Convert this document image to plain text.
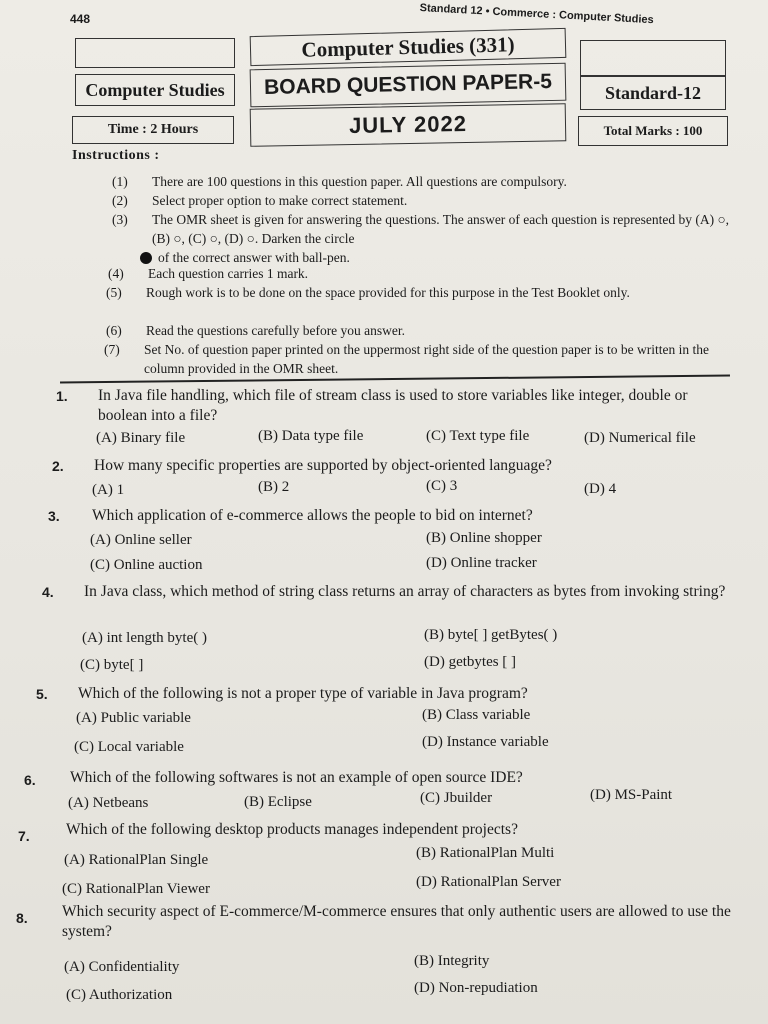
448	Standard 12 • Commerce : Computer Studies
Computer Studies (331)
Computer Studies	BOARD QUESTION PAPER-5	Standard-12
Time : 2 Hours	JULY 2022	Total Marks : 100
Instructions :
(1) There are 100 questions in this question paper. All questions are compulsory.
(2) Select proper option to make correct statement.
(3) The OMR sheet is given for answering the questions. The answer of each question is represented by (A) ○, (B) ○, (C) ○, (D) ○. Darken the circle
of the correct answer with ball-pen.
(4) Each question carries 1 mark.
(5) Rough work is to be done on the space provided for this purpose in the Test Booklet only.
(6) Read the questions carefully before you answer.
(7) Set No. of question paper printed on the uppermost right side of the question paper is to be written in the column provided in the OMR sheet.
1. In Java file handling, which file of stream class is used to store variables like integer, double or boolean into a file?
(A) Binary file	(B) Data type file	(C) Text type file	(D) Numerical file
2. How many specific properties are supported by object-oriented language?
(A) 1	(B) 2	(C) 3	(D) 4
3. Which application of e-commerce allows the people to bid on internet?
(A) Online seller	(B) Online shopper
(C) Online auction	(D) Online tracker
4. In Java class, which method of string class returns an array of characters as bytes from invoking string?
(A) int length byte( )	(B) byte[ ] getBytes( )
(C) byte[ ]	(D) getbytes [ ]
5. Which of the following is not a proper type of variable in Java program?
(A) Public variable	(B) Class variable
(C) Local variable	(D) Instance variable
6. Which of the following softwares is not an example of open source IDE?
(A) Netbeans	(B) Eclipse	(C) Jbuilder	(D) MS-Paint
7. Which of the following desktop products manages independent projects?
(A) RationalPlan Single	(B) RationalPlan Multi
(C) RationalPlan Viewer	(D) RationalPlan Server
8. Which security aspect of E-commerce/M-commerce ensures that only authentic users are allowed to use the system?
(A) Confidentiality	(B) Integrity
(C) Authorization	(D) Non-repudiation
